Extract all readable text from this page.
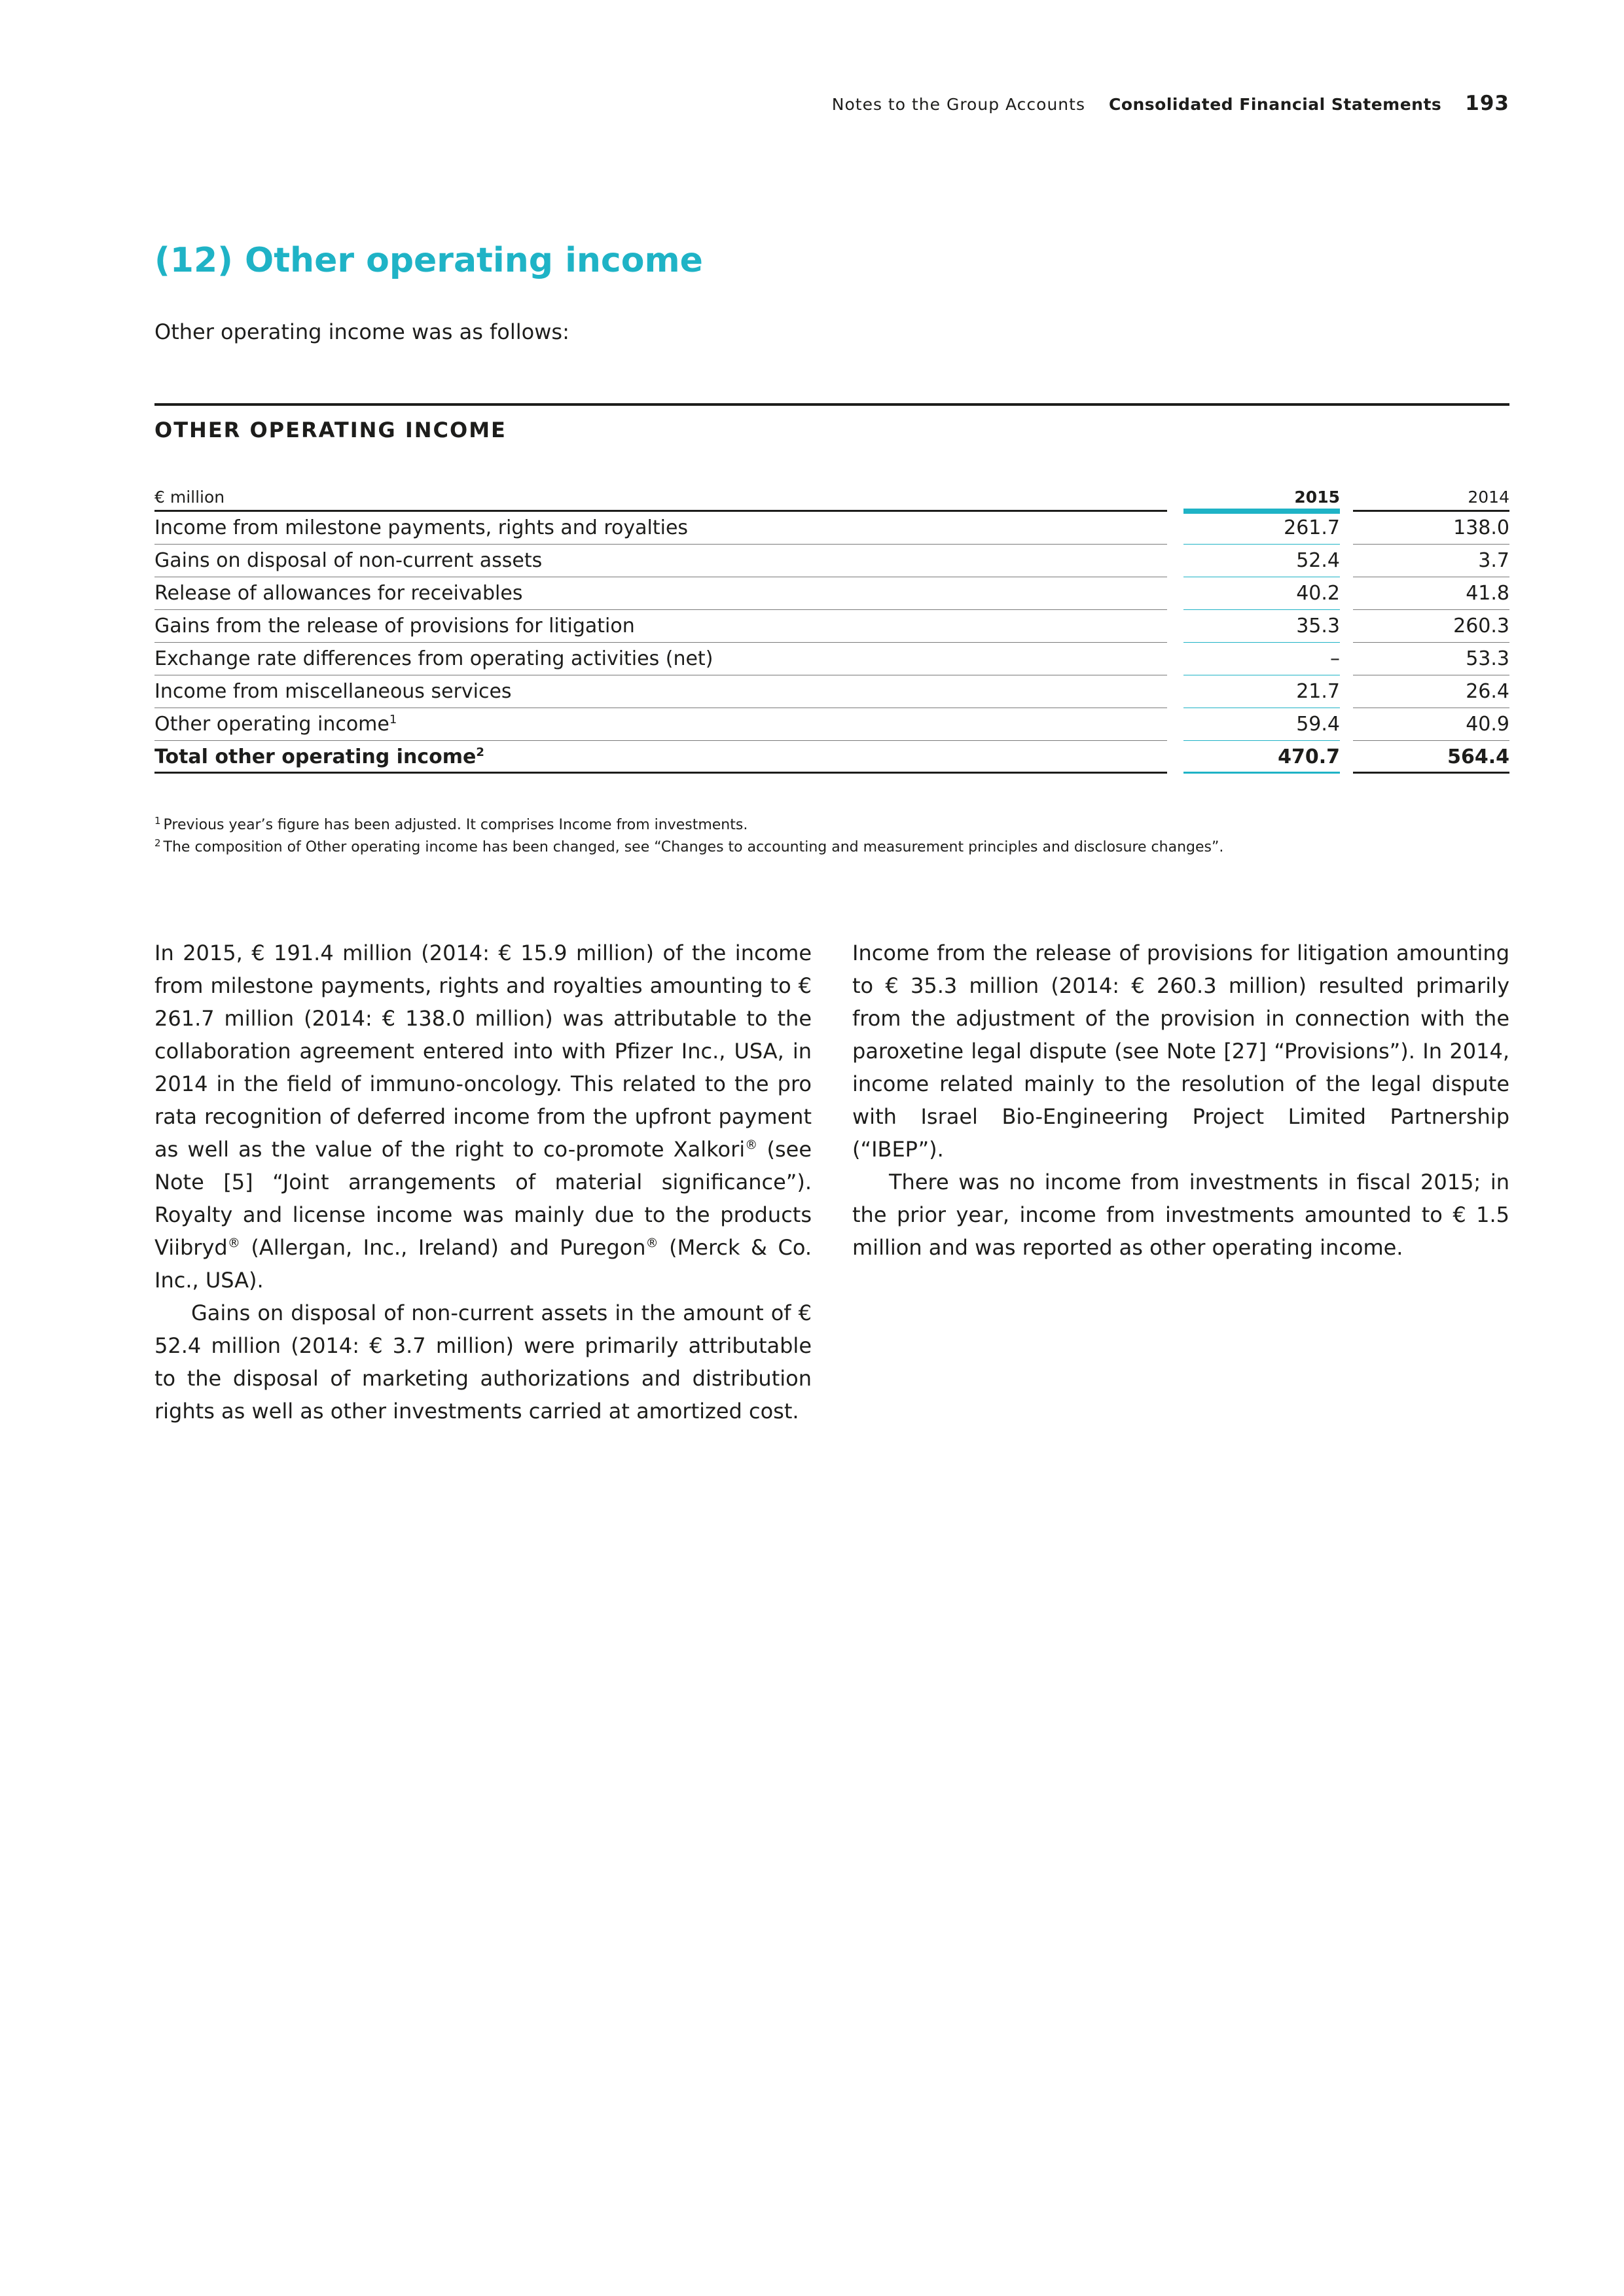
Notes to the Group Accounts Consolidated Financial Statements 193
(12) Other operating income

Other operating income was as follows:

OTHER OPERATING INCOME
€ million	2015	2014
Income from milestone payments, rights and royalties	261.7	138.0
Gains on disposal of non-current assets	52.4	3.7
Release of allowances for receivables	40.2	41.8
Gains from the release of provisions for litigation	35.3	260.3
Exchange rate differences from operating activities (net)	–	53.3
Income from miscellaneous services	21.7	26.4
Other operating income$^1$	59.4	40.9
Total other operating income$^2$	470.7	564.4
$^1$ Previous year’s figure has been adjusted. It comprises Income from investments.
$^2$ The composition of Other operating income has been changed, see “Changes to accounting and measurement principles and disclosure changes”.

In 2015, € 191.4 million (2014: € 15.9 million) of the income from milestone payments, rights and royalties amounting to € 261.7 million (2014: € 138.0 million) was attributable to the collaboration agreement entered into with Pfizer Inc., USA, in 2014 in the field of immuno-oncology. This related to the pro rata recognition of deferred income from the upfront payment as well as the value of the right to co-promote Xalkori® (see Note [5] “Joint arrangements of material significance”). Royalty and license income was mainly due to the products Viibryd® (Allergan, Inc., Ireland) and Puregon® (Merck & Co. Inc., USA).

Gains on disposal of non-current assets in the amount of € 52.4 million (2014: € 3.7 million) were primarily attributable to the disposal of marketing authorizations and distribution rights as well as other investments carried at amortized cost.

Income from the release of provisions for litigation amounting to € 35.3 million (2014: € 260.3 million) resulted primarily from the adjustment of the provision in connection with the paroxetine legal dispute (see Note [27] “Provisions”). In 2014, income related mainly to the resolution of the legal dispute with Israel Bio-Engineering Project Limited Partnership (“IBEP”).

There was no income from investments in fiscal 2015; in the prior year, income from investments amounted to € 1.5 million and was reported as other operating income.
